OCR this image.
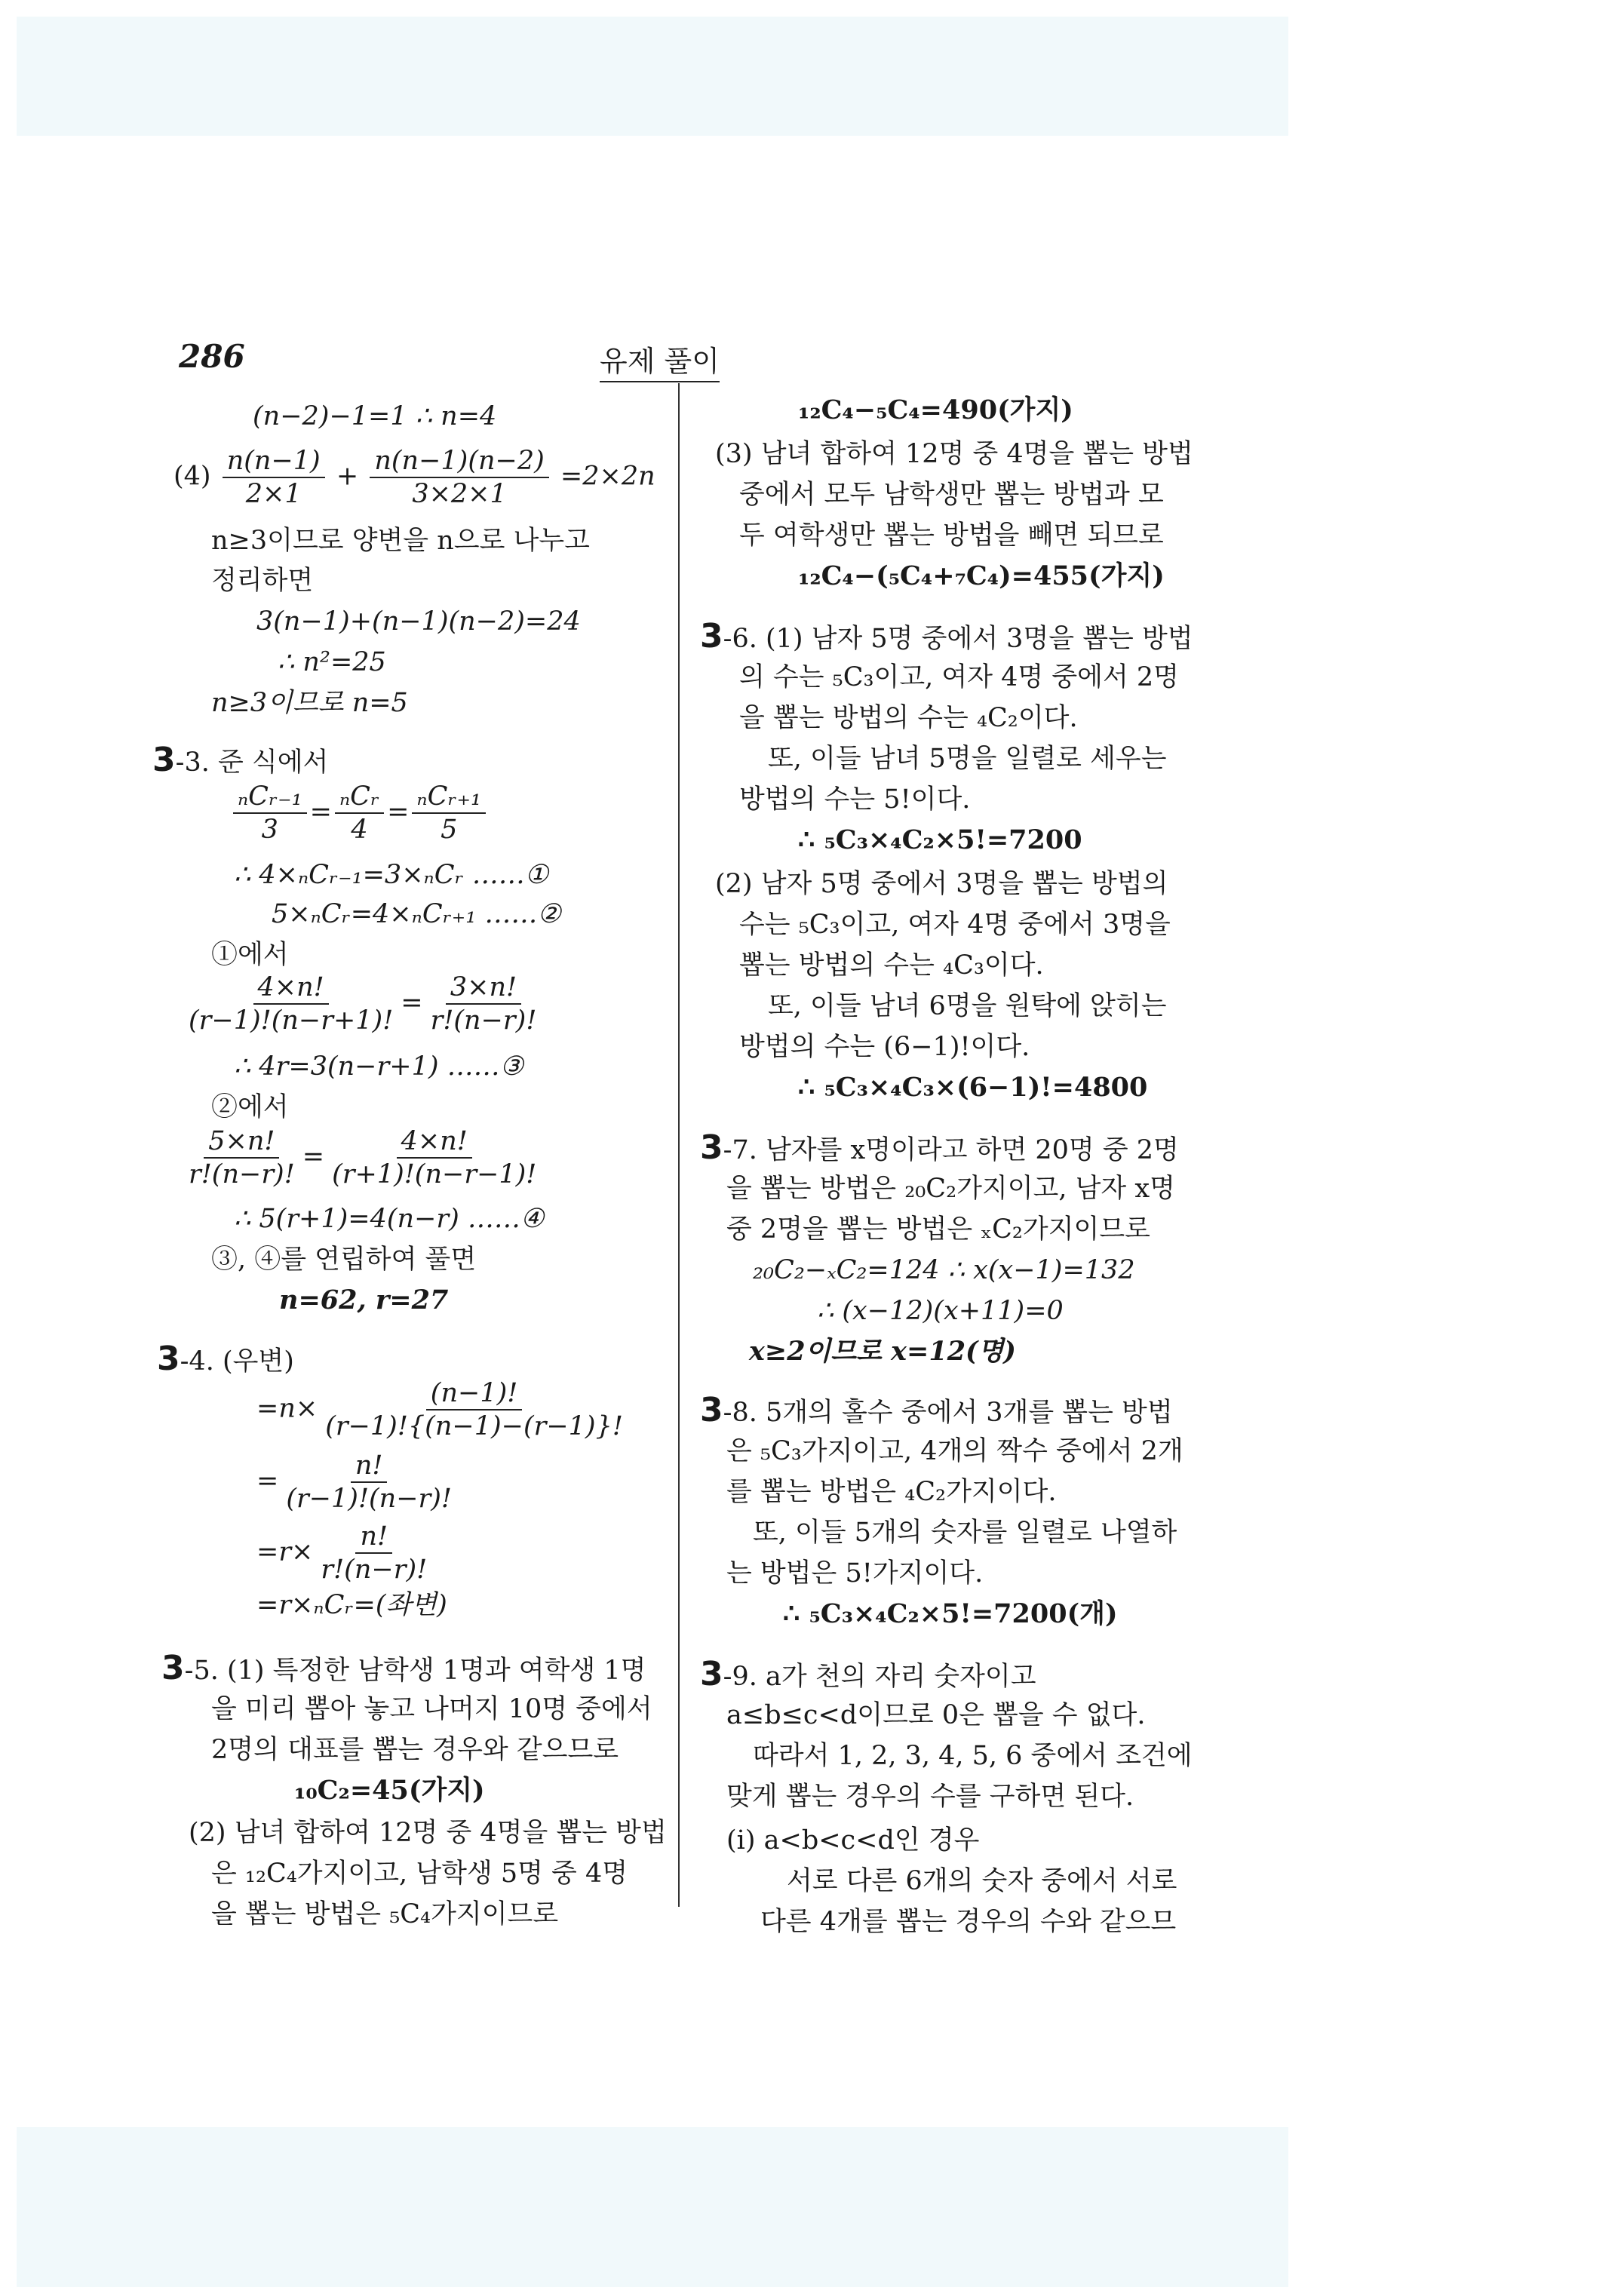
286	유제 풀이
(n−2)−1=1 ∴ n=4
$(4) \frac{n(n-1)}{2\times 1} + \frac{n(n-1)(n-2)}{3\times 2\times 1} =2\times 2n$
n≥3이므로 양변을 n으로 나누고
정리하면
3(n−1)+(n−1)(n−2)=24
∴ n²=25
n≥3이므로 n=5
3-3. 준 식에서
$\frac{\text{ₙCᵣ₋₁}}{3} = \frac{\text{ₙCᵣ}}{4} = \frac{\text{ₙCᵣ₊₁}}{5}$
∴ 4×ₙCᵣ₋₁=3×ₙCᵣ ……①
5×ₙCᵣ=4×ₙCᵣ₊₁ ……②
①에서
$\frac{4\times n!}{(r-1)!(n-r+1)!} = \frac{3\times n!}{r!(n-r)!}$
∴ 4r=3(n−r+1) ……③
②에서
$\frac{5\times n!}{r!(n-r)!} = \frac{4\times n!}{(r+1)!(n-r-1)!}$
∴ 5(r+1)=4(n−r) ……④
③, ④를 연립하여 풀면
n=62, r=27
3-4. (우변)
$=n\times \frac{(n-1)!}{(r-1)!\{(n-1)-(r-1)\}!}$
= $\frac{n!}{(r-1)!(n-r)!}$
$=r\times \frac{n!}{r!(n-r)!}$
=r×ₙCᵣ=(좌변)
3-5. (1) 특정한 남학생 1명과 여학생 1명
을 미리 뽑아 놓고 나머지 10명 중에서
2명의 대표를 뽑는 경우와 같으므로
₁₀C₂=45(가지)
(2) 남녀 합하여 12명 중 4명을 뽑는 방법
은 ₁₂C₄가지이고, 남학생 5명 중 4명
을 뽑는 방법은 ₅C₄가지이므로
₁₂C₄−₅C₄=490(가지)
(3) 남녀 합하여 12명 중 4명을 뽑는 방법
중에서 모두 남학생만 뽑는 방법과 모
두 여학생만 뽑는 방법을 빼면 되므로
₁₂C₄−(₅C₄+₇C₄)=455(가지)
3-6. (1) 남자 5명 중에서 3명을 뽑는 방법
의 수는 ₅C₃이고, 여자 4명 중에서 2명
을 뽑는 방법의 수는 ₄C₂이다.
또, 이들 남녀 5명을 일렬로 세우는
방법의 수는 5!이다.
∴ ₅C₃×₄C₂×5!=7200
(2) 남자 5명 중에서 3명을 뽑는 방법의
수는 ₅C₃이고, 여자 4명 중에서 3명을
뽑는 방법의 수는 ₄C₃이다.
또, 이들 남녀 6명을 원탁에 앉히는
방법의 수는 (6−1)!이다.
∴ ₅C₃×₄C₃×(6−1)!=4800
3-7. 남자를 x명이라고 하면 20명 중 2명
을 뽑는 방법은 ₂₀C₂가지이고, 남자 x명
중 2명을 뽑는 방법은 ₓC₂가지이므로
₂₀C₂−ₓC₂=124 ∴ x(x−1)=132
∴ (x−12)(x+11)=0
x≥2이므로 x=12(명)
3-8. 5개의 홀수 중에서 3개를 뽑는 방법
은 ₅C₃가지이고, 4개의 짝수 중에서 2개
를 뽑는 방법은 ₄C₂가지이다.
또, 이들 5개의 숫자를 일렬로 나열하
는 방법은 5!가지이다.
∴ ₅C₃×₄C₂×5!=7200(개)
3-9. a가 천의 자리 숫자이고
a≤b≤c<d이므로 0은 뽑을 수 없다.
따라서 1, 2, 3, 4, 5, 6 중에서 조건에
맞게 뽑는 경우의 수를 구하면 된다.
(i) a<b<c<d인 경우
서로 다른 6개의 숫자 중에서 서로
다른 4개를 뽑는 경우의 수와 같으므
